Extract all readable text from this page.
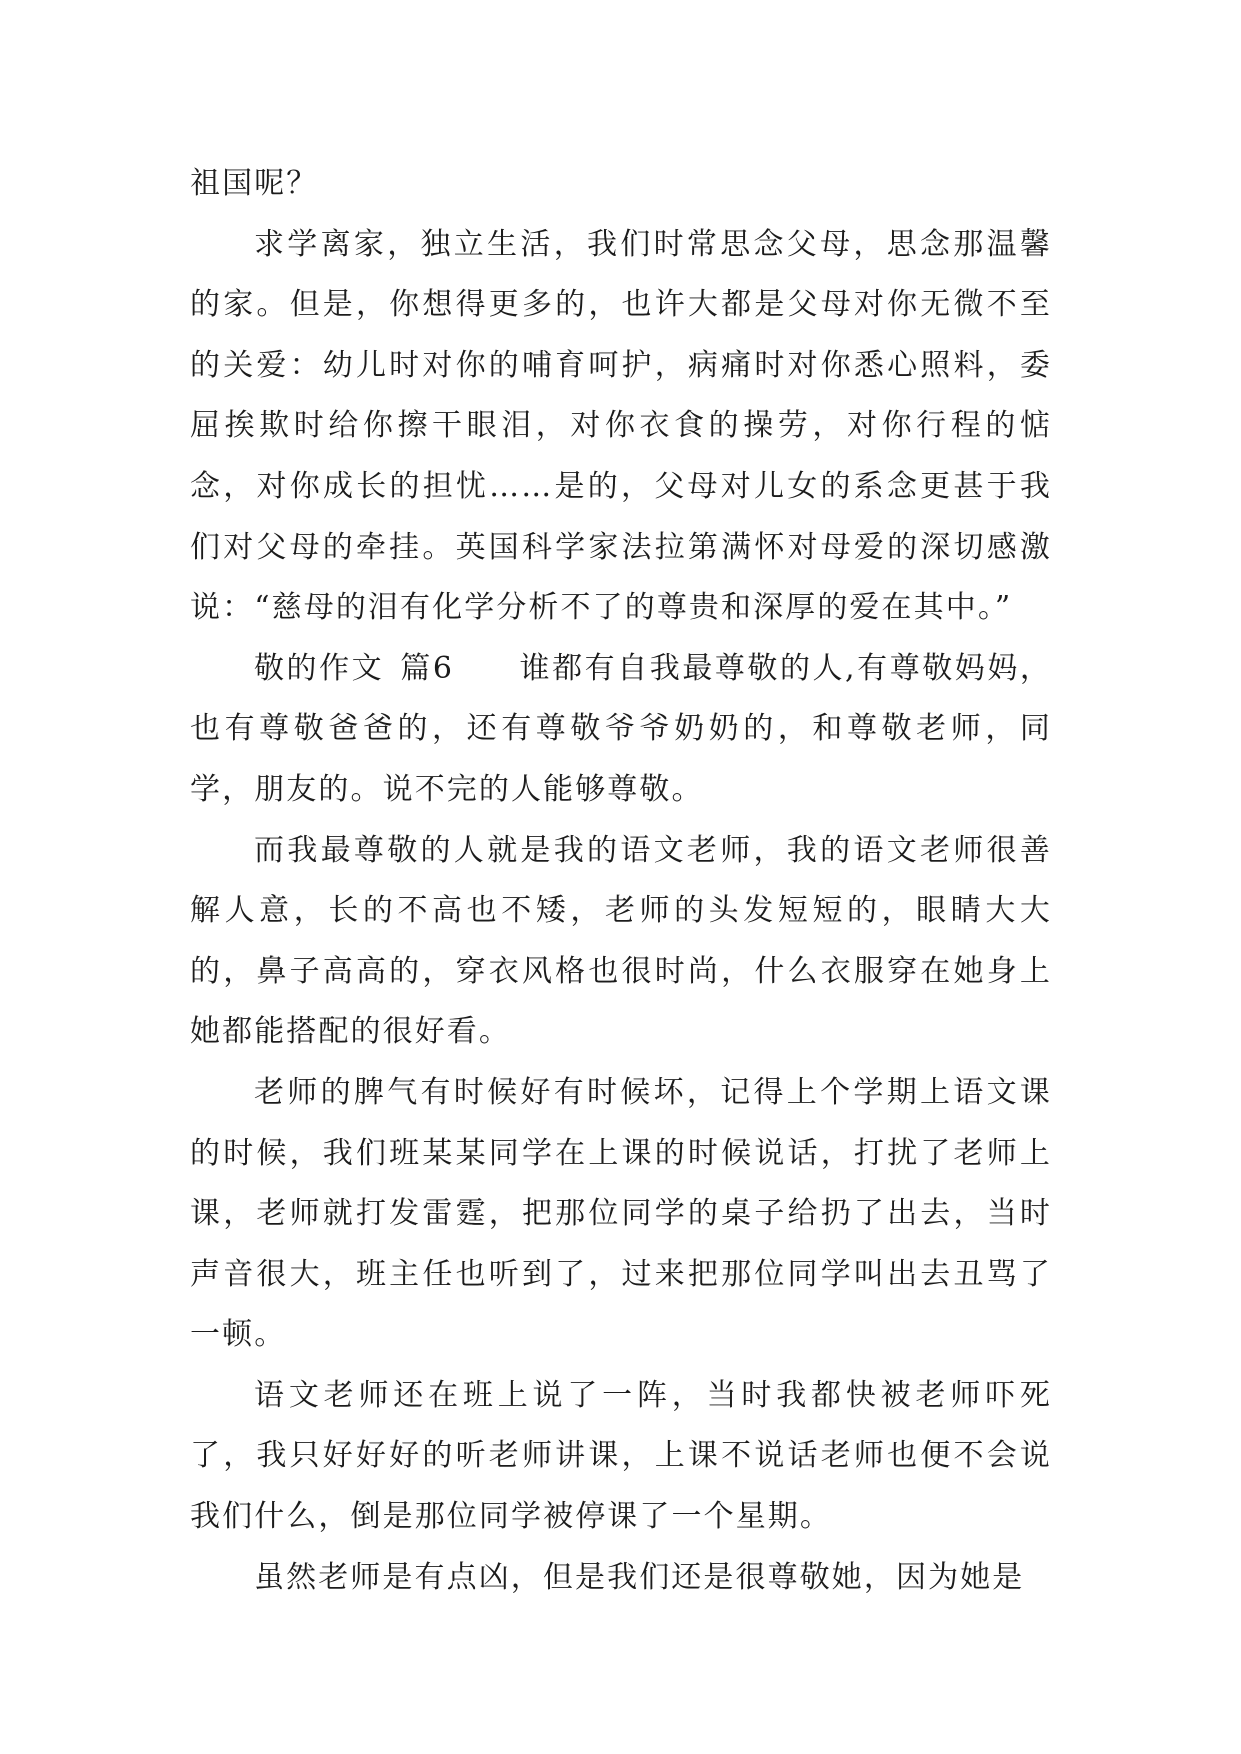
祖国呢？

求学离家，独立生活，我们时常思念父母，思念那温馨的家。但是，你想得更多的，也许大都是父母对你无微不至的关爱：幼儿时对你的哺育呵护，病痛时对你悉心照料，委屈挨欺时给你擦干眼泪，对你衣食的操劳，对你行程的惦念，对你成长的担忧……是的，父母对儿女的系念更甚于我们对父母的牵挂。英国科学家法拉第满怀对母爱的深切感激说：“慈母的泪有化学分析不了的尊贵和深厚的爱在其中。”

敬的作文 篇6　　谁都有自我最尊敬的人,有尊敬妈妈，也有尊敬爸爸的，还有尊敬爷爷奶奶的，和尊敬老师，同学，朋友的。说不完的人能够尊敬。

而我最尊敬的人就是我的语文老师，我的语文老师很善解人意，长的不高也不矮，老师的头发短短的，眼睛大大的，鼻子高高的，穿衣风格也很时尚，什么衣服穿在她身上她都能搭配的很好看。

老师的脾气有时候好有时候坏，记得上个学期上语文课的时候，我们班某某同学在上课的时候说话，打扰了老师上课，老师就打发雷霆，把那位同学的桌子给扔了出去，当时声音很大，班主任也听到了，过来把那位同学叫出去丑骂了一顿。

语文老师还在班上说了一阵，当时我都快被老师吓死了，我只好好好的听老师讲课，上课不说话老师也便不会说我们什么，倒是那位同学被停课了一个星期。

虽然老师是有点凶，但是我们还是很尊敬她，因为她是
